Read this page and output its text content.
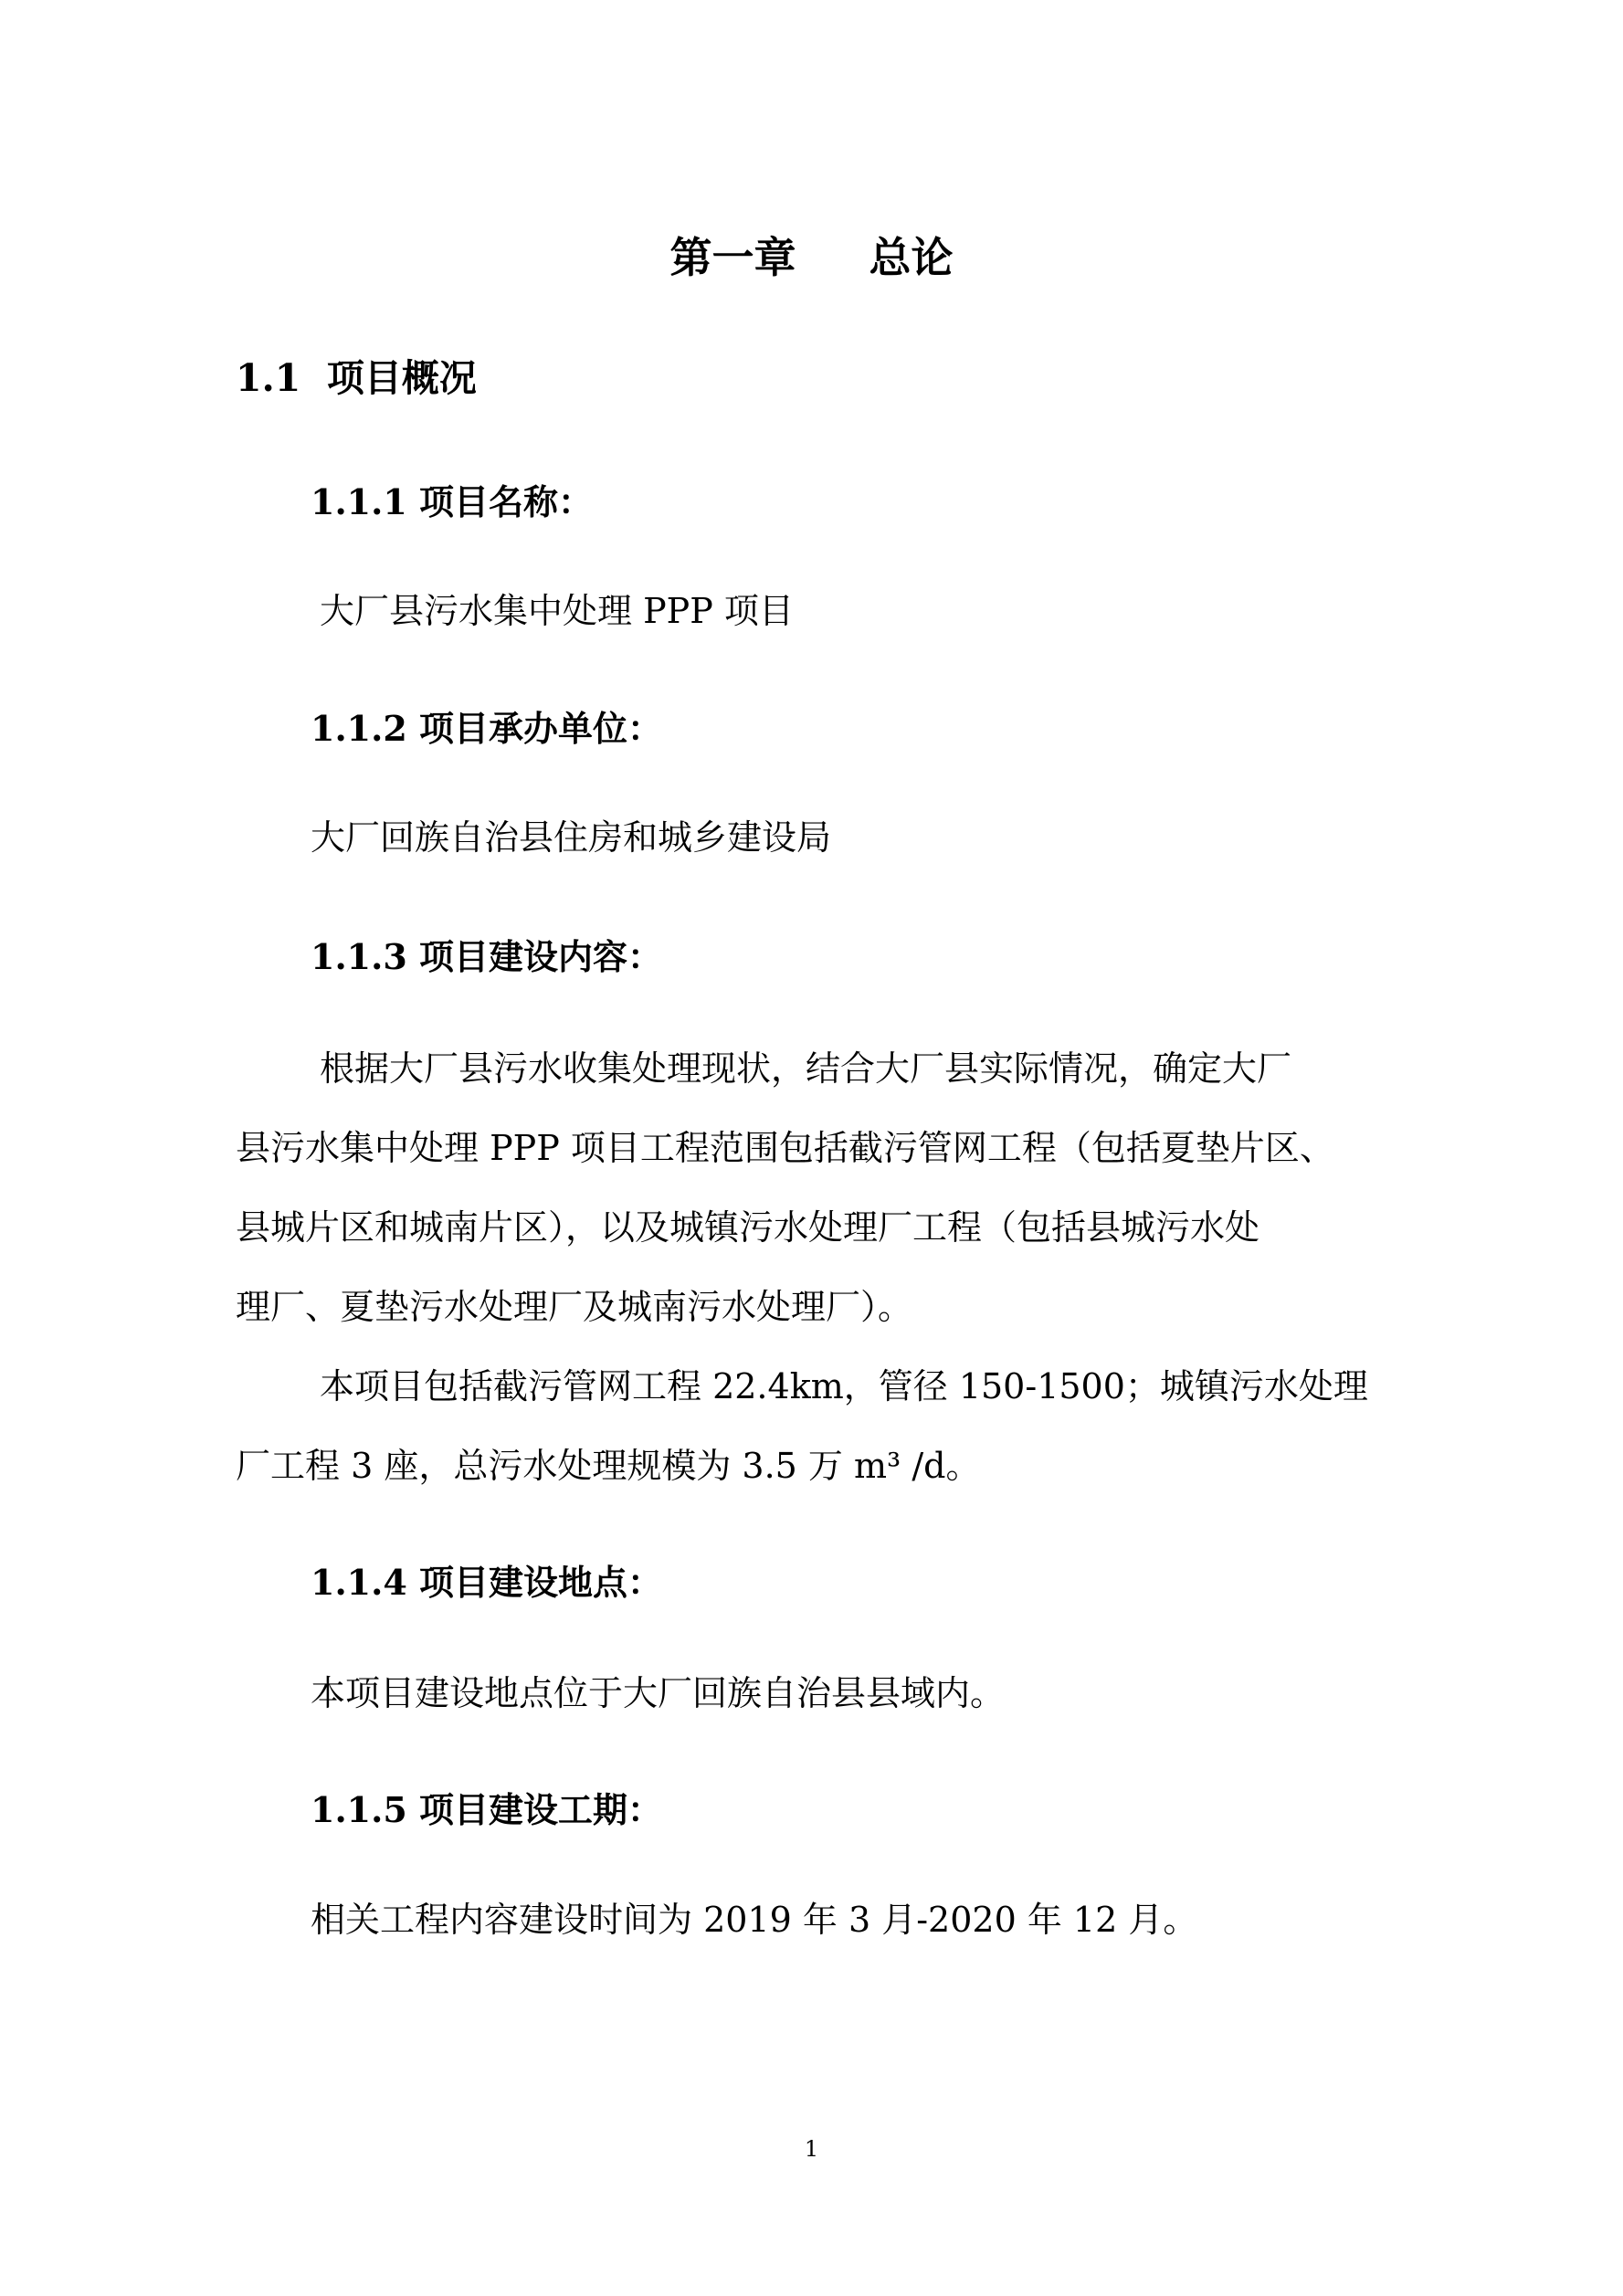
第一章 总论
1.1  项目概况
1.1.1 项目名称：

大厂县污水集中处理 PPP 项目

1.1.2 项目承办单位：

大厂回族自治县住房和城乡建设局

1.1.3 项目建设内容：

根据大厂县污水收集处理现状，结合大厂县实际情况，确定大厂

县污水集中处理 PPP 项目工程范围包括截污管网工程（包括夏垫片区、

县城片区和城南片区），以及城镇污水处理厂工程（包括县城污水处

理厂、夏垫污水处理厂及城南污水处理厂）。

本项目包括截污管网工程 22.4km，管径 150-1500；城镇污水处理

厂工程 3 座，总污水处理规模为 3.5 万 m³ /d。

1.1.4 项目建设地点：

本项目建设地点位于大厂回族自治县县域内。

1.1.5 项目建设工期：

相关工程内容建设时间为 2019 年 3 月-2020 年 12 月。

1
